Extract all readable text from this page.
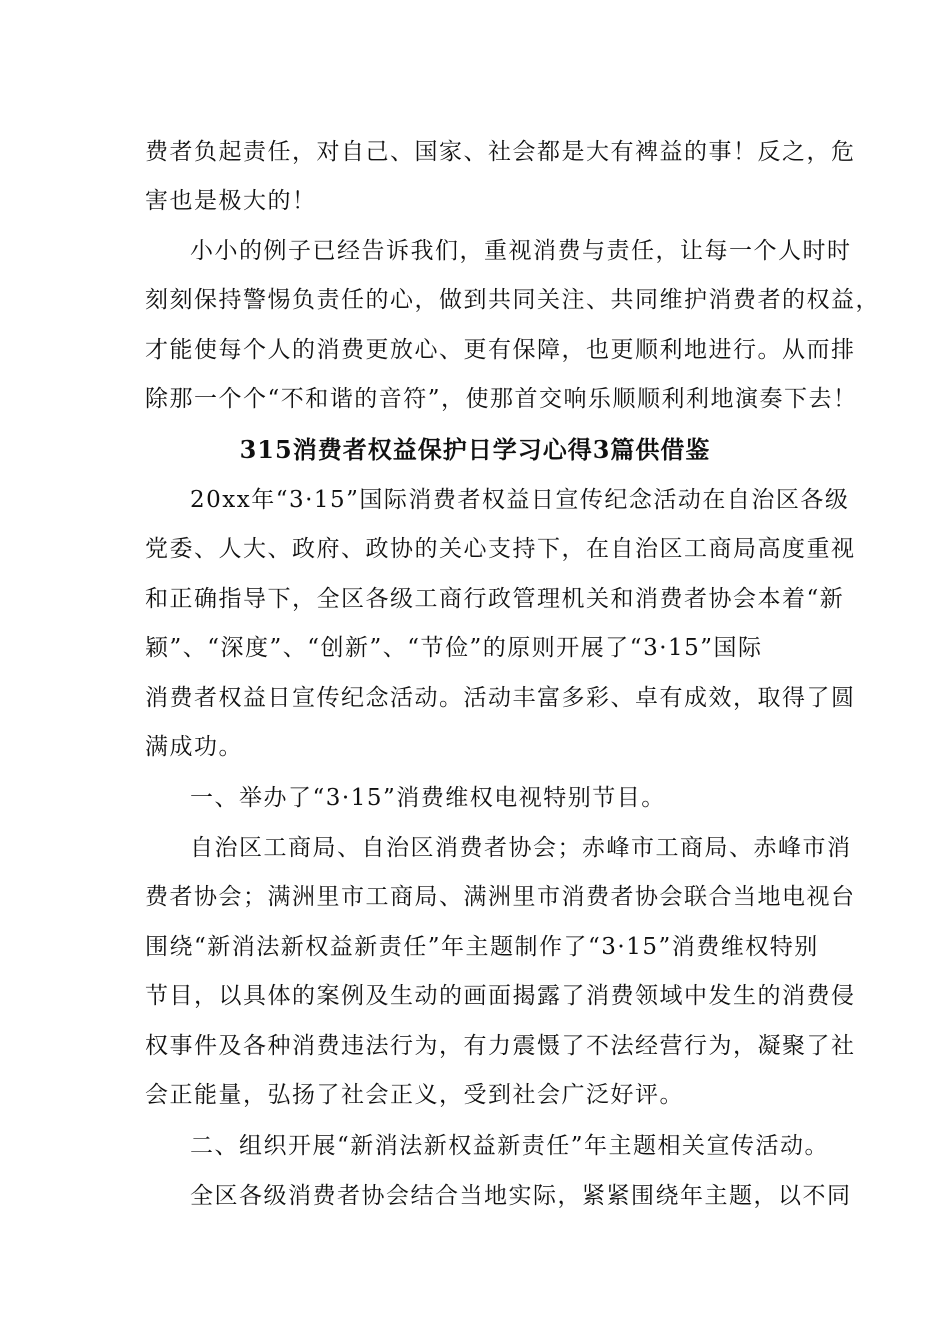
费者负起责任，对自己、国家、社会都是大有裨益的事！反之，危
害也是极大的！
小小的例子已经告诉我们，重视消费与责任，让每一个人时时
刻刻保持警惕负责任的心，做到共同关注、共同维护消费者的权益，
才能使每个人的消费更放心、更有保障，也更顺利地进行。从而排
除那一个个“不和谐的音符”，使那首交响乐顺顺利利地演奏下去！
315消费者权益保护日学习心得3篇供借鉴
20xx年“3·15”国际消费者权益日宣传纪念活动在自治区各级
党委、人大、政府、政协的关心支持下，在自治区工商局高度重视
和正确指导下，全区各级工商行政管理机关和消费者协会本着“新
颖”、“深度”、“创新”、“节俭”的原则开展了“3·15”国际
消费者权益日宣传纪念活动。活动丰富多彩、卓有成效，取得了圆
满成功。
一、举办了“3·15”消费维权电视特别节目。
自治区工商局、自治区消费者协会；赤峰市工商局、赤峰市消
费者协会；满洲里市工商局、满洲里市消费者协会联合当地电视台
围绕“新消法新权益新责任”年主题制作了“3·15”消费维权特别
节目，以具体的案例及生动的画面揭露了消费领域中发生的消费侵
权事件及各种消费违法行为，有力震慑了不法经营行为，凝聚了社
会正能量，弘扬了社会正义，受到社会广泛好评。
二、组织开展“新消法新权益新责任”年主题相关宣传活动。
全区各级消费者协会结合当地实际，紧紧围绕年主题，以不同
